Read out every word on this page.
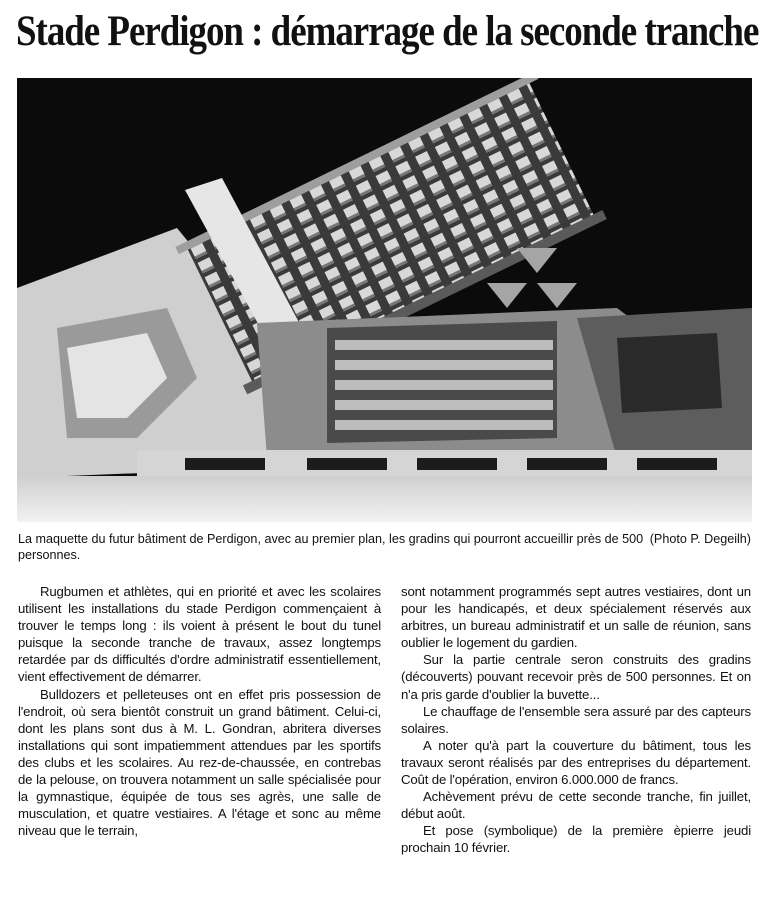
Stade Perdigon : démarrage de la seconde tranche
(Photo P. Degeilh)
La maquette du futur bâtiment de Perdigon, avec au premier plan, les gradins qui pourront accueillir près de 500 personnes.

Rugbumen et athlètes, qui en priorité et avec les scolaires utilisent les installations du stade Perdigon commençaient à trouver le temps long : ils voient à présent le bout du tunel puisque la seconde tranche de travaux, assez longtemps retardée par ds difficultés d'ordre administratif essentiellement, vient effectivement de démarrer.

Bulldozers et pelleteuses ont en effet pris possession de l'endroit, où sera bientôt construit un grand bâtiment. Celui-ci, dont les plans sont dus à M. L. Gondran, abritera diverses installations qui sont impatiemment attendues par les sportifs des clubs et les scolaires. Au rez-de-chaussée, en contrebas de la pelouse, on trouvera notamment un salle spécialisée pour la gymnastique, équipée de tous ses agrès, une salle de musculation, et quatre vestiaires. A l'étage et sonc au même niveau que le terrain,

sont notamment programmés sept autres vestiaires, dont un pour les handicapés, et deux spécialement réservés aux arbitres, un bureau administratif et un salle de réunion, sans oublier le logement du gardien.

Sur la partie centrale seron construits des gradins (découverts) pouvant recevoir près de 500 personnes. Et on n'a pris garde d'oublier la buvette...

Le chauffage de l'ensemble sera assuré par des capteurs solaires.

A noter qu'à part la couverture du bâtiment, tous les travaux seront réalisés par des entreprises du département. Coût de l'opération, environ 6.000.000 de francs.

Achèvement prévu de cette seconde tranche, fin juillet, début août.

Et pose (symbolique) de la première èpierre jeudi prochain 10 février.
